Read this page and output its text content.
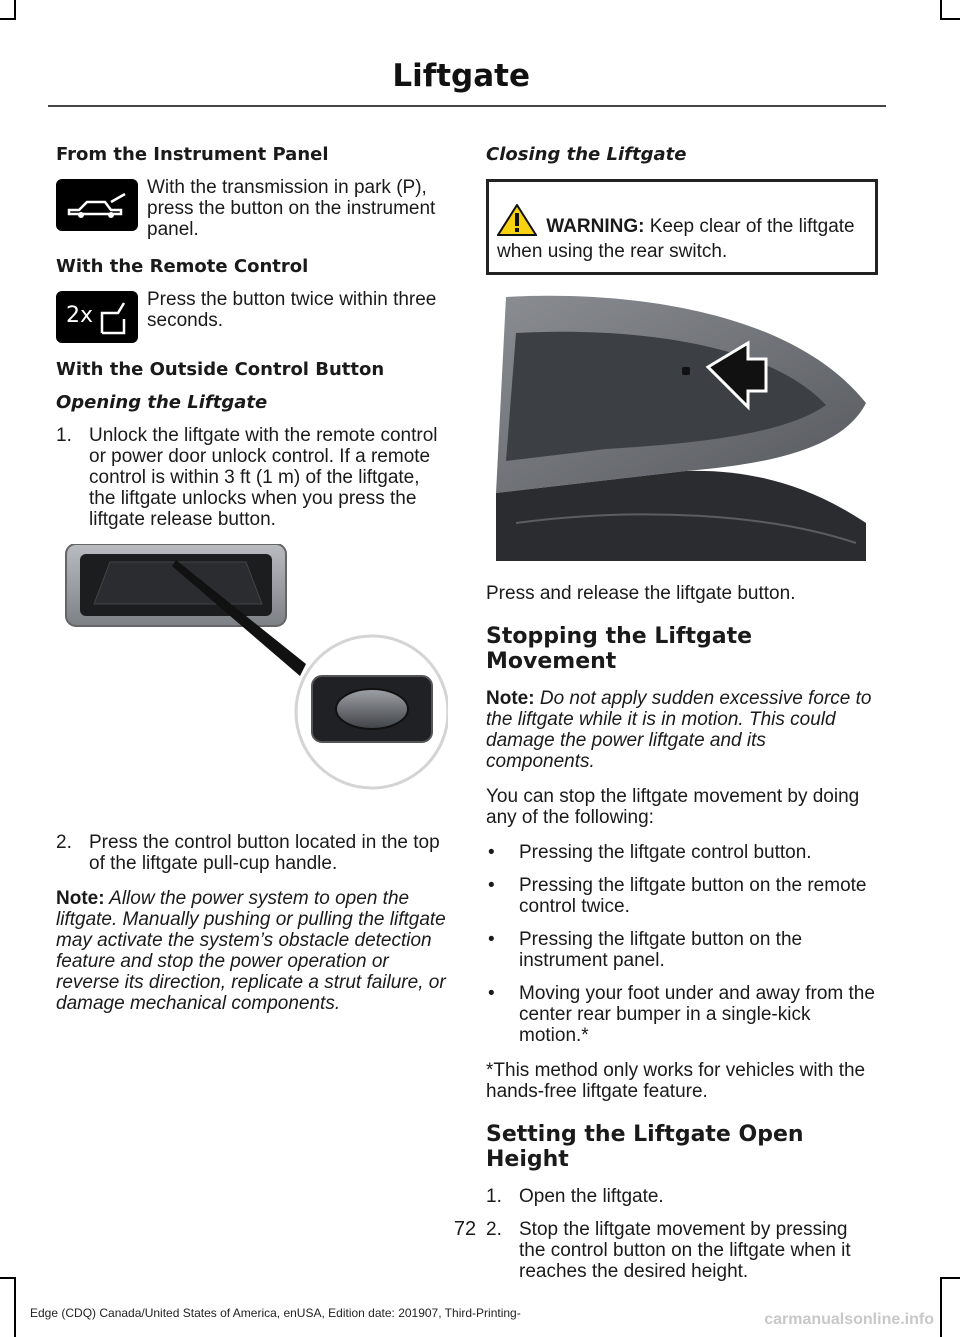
Liftgate
From the Instrument Panel

With the transmission in park (P), press the button on the instrument panel.

With the Remote Control
2x

Press the button twice within three seconds.

With the Outside Control Button
Opening the Liftgate
1. Unlock the liftgate with the remote control or power door unlock control. If a remote control is within 3 ft (1 m) of the liftgate, the liftgate unlocks when you press the liftgate release button.
2. Press the control button located in the top of the liftgate pull-cup handle.

Note: Allow the power system to open the liftgate. Manually pushing or pulling the liftgate may activate the system’s obstacle detection feature and stop the power operation or reverse its direction, replicate a strut failure, or damage mechanical components.

Closing the Liftgate
WARNING: Keep clear of the liftgate when using the rear switch.

Press and release the liftgate button.

Stopping the Liftgate Movement

Note: Do not apply sudden excessive force to the liftgate while it is in motion. This could damage the power liftgate and its components.

You can stop the liftgate movement by doing any of the following:

• Pressing the liftgate control button.
• Pressing the liftgate button on the remote control twice.
• Pressing the liftgate button on the instrument panel.
• Moving your foot under and away from the center rear bumper in a single-kick motion.*

*This method only works for vehicles with the hands-free liftgate feature.

Setting the Liftgate Open Height
1. Open the liftgate.
2. Stop the liftgate movement by pressing the control button on the liftgate when it reaches the desired height.
72
Edge (CDQ) Canada/United States of America, enUSA, Edition date: 201907, Third-Printing-	carmanualsonline.info
